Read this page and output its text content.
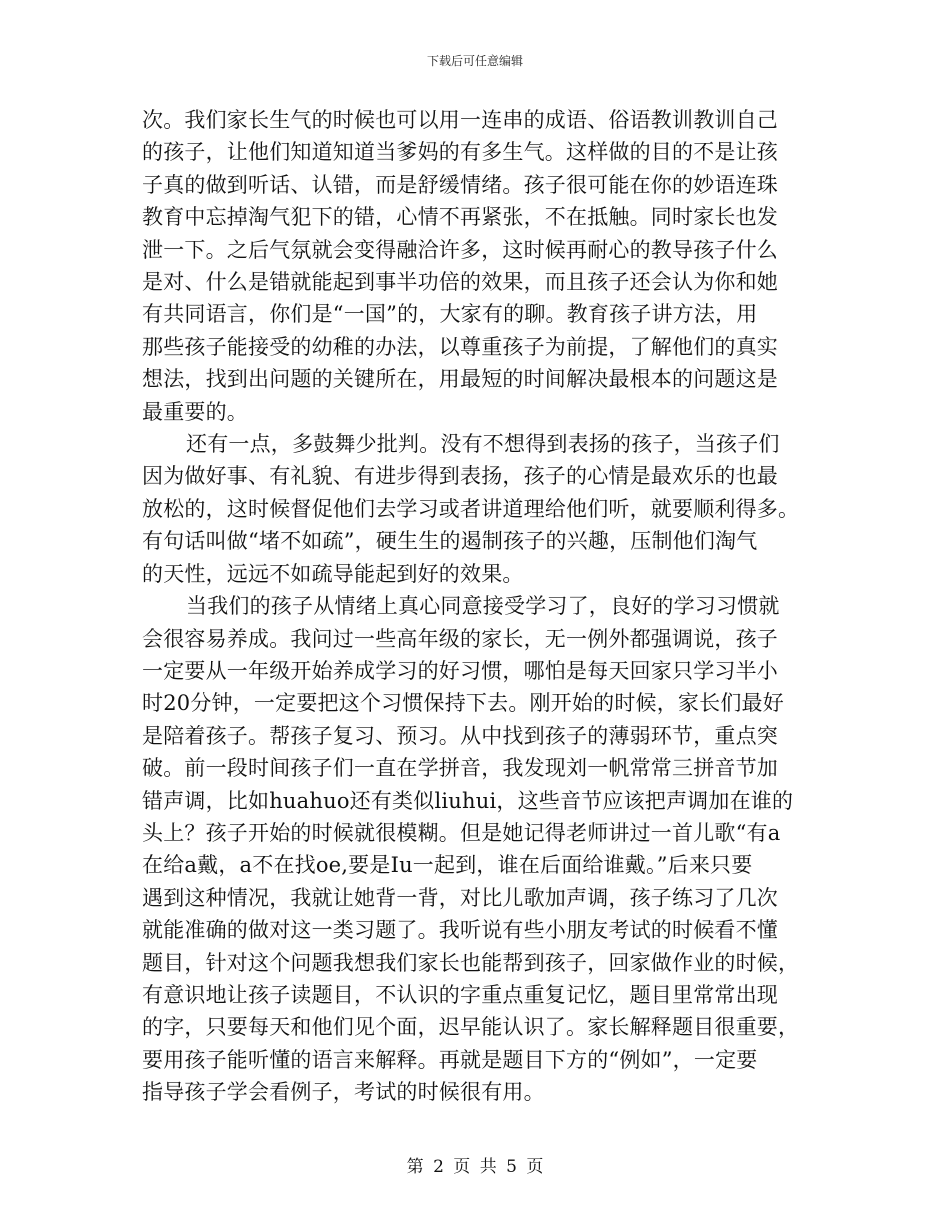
下载后可任意编辑
次。我们家长生气的时候也可以用一连串的成语、俗语教训教训自己
的孩子，让他们知道知道当爹妈的有多生气。这样做的目的不是让孩
子真的做到听话、认错，而是舒缓情绪。孩子很可能在你的妙语连珠
教育中忘掉淘气犯下的错，心情不再紧张，不在抵触。同时家长也发
泄一下。之后气氛就会变得融洽许多，这时候再耐心的教导孩子什么
是对、什么是错就能起到事半功倍的效果，而且孩子还会认为你和她
有共同语言，你们是“一国”的，大家有的聊。教育孩子讲方法，用
那些孩子能接受的幼稚的办法，以尊重孩子为前提，了解他们的真实
想法，找到出问题的关键所在，用最短的时间解决最根本的问题这是
最重要的。
还有一点，多鼓舞少批判。没有不想得到表扬的孩子，当孩子们
因为做好事、有礼貌、有进步得到表扬，孩子的心情是最欢乐的也最
放松的，这时候督促他们去学习或者讲道理给他们听，就要顺利得多。
有句话叫做“堵不如疏”，硬生生的遏制孩子的兴趣，压制他们淘气
的天性，远远不如疏导能起到好的效果。
当我们的孩子从情绪上真心同意接受学习了，良好的学习习惯就
会很容易养成。我问过一些高年级的家长，无一例外都强调说，孩子
一定要从一年级开始养成学习的好习惯，哪怕是每天回家只学习半小
时20分钟，一定要把这个习惯保持下去。刚开始的时候，家长们最好
是陪着孩子。帮孩子复习、预习。从中找到孩子的薄弱环节，重点突
破。前一段时间孩子们一直在学拼音，我发现刘一帆常常三拼音节加
错声调，比如huahuo还有类似liuhui，这些音节应该把声调加在谁的
头上？孩子开始的时候就很模糊。但是她记得老师讲过一首儿歌“有a
在给a戴，a不在找oe,要是Iu一起到，谁在后面给谁戴。”后来只要
遇到这种情况，我就让她背一背，对比儿歌加声调，孩子练习了几次
就能准确的做对这一类习题了。我听说有些小朋友考试的时候看不懂
题目，针对这个问题我想我们家长也能帮到孩子，回家做作业的时候，
有意识地让孩子读题目，不认识的字重点重复记忆，题目里常常出现
的字，只要每天和他们见个面，迟早能认识了。家长解释题目很重要，
要用孩子能听懂的语言来解释。再就是题目下方的“例如”，一定要
指导孩子学会看例子，考试的时候很有用。
第 2 页 共 5 页
